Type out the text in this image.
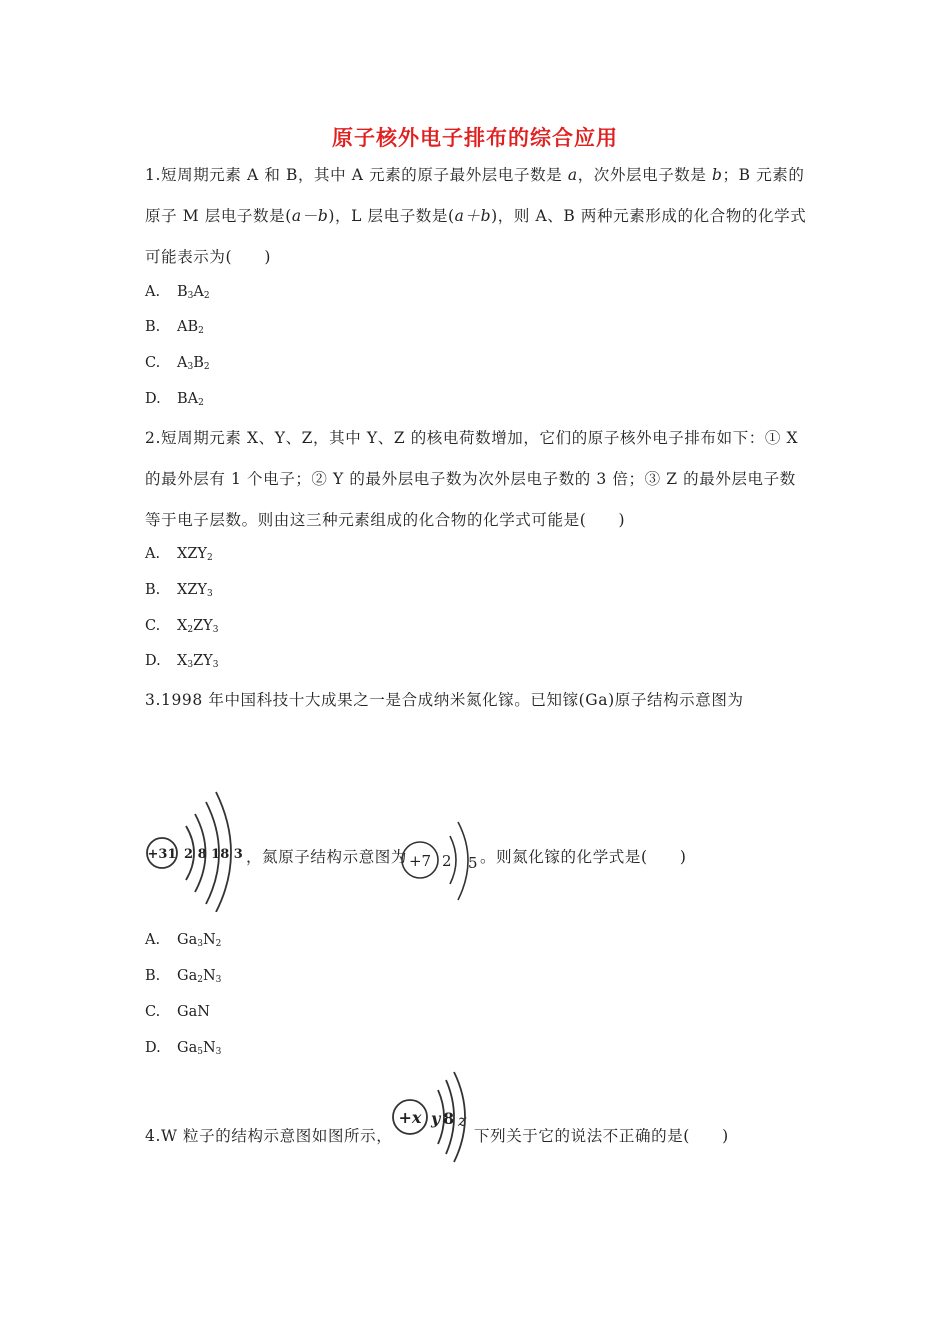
原子核外电子排布的综合应用
1.短周期元素 A 和 B，其中 A 元素的原子最外层电子数是 a，次外层电子数是 b；B 元素的
原子 M 层电子数是(a－b)，L 层电子数是(a＋b)，则 A、B 两种元素形成的化合物的化学式
可能表示为(　　)
A. $B_3A_2$
B. $AB_2$
C. $A_3B_2$
D. $BA_2$
2.短周期元素 X、Y、Z，其中 Y、Z 的核电荷数增加，它们的原子核外电子排布如下：① X
的最外层有 1 个电子；② Y 的最外层电子数为次外层电子数的 3 倍；③ Z 的最外层电子数
等于电子层数。则由这三种元素组成的化合物的化学式可能是(　　)
A. $XZY_2$
B. $XZY_3$
C. $X_2ZY_3$
D. $X_3ZY_3$
3.1998 年中国科技十大成果之一是合成纳米氮化镓。已知镓(Ga)原子结构示意图为
+31 2 8 18 3 ，氮原子结构示意图为 +7 2 5 。则氮化镓的化学式是(　　)
A. $Ga_3N_2$
B. $Ga_2N_3$
C. GaN
D. $Ga_5N_3$
4.W 粒子的结构示意图如图所示，
+x y 8 z
下列关于它的说法不正确的是(　　)
